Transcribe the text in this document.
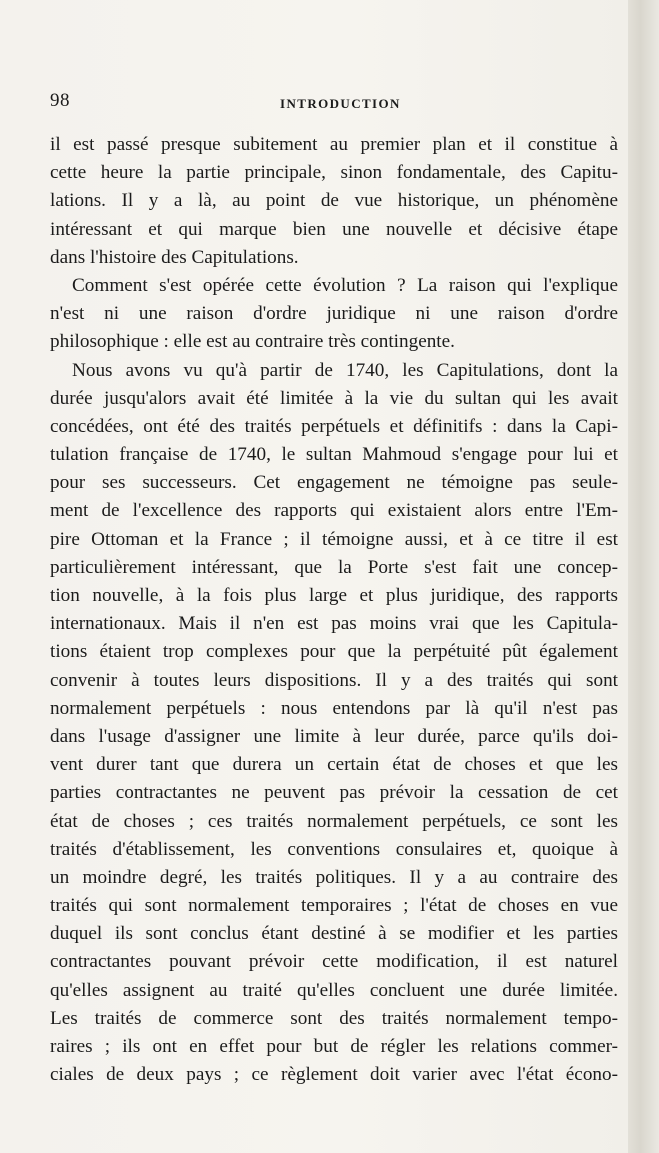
98	INTRODUCTION
il est passé presque subitement au premier plan et il constitue à
cette heure la partie principale, sinon fondamentale, des Capitu-
lations. Il y a là, au point de vue historique, un phénomène
intéressant et qui marque bien une nouvelle et décisive étape
dans l'histoire des Capitulations.
Comment s'est opérée cette évolution ? La raison qui l'explique
n'est ni une raison d'ordre juridique ni une raison d'ordre
philosophique : elle est au contraire très contingente.
Nous avons vu qu'à partir de 1740, les Capitulations, dont la
durée jusqu'alors avait été limitée à la vie du sultan qui les avait
concédées, ont été des traités perpétuels et définitifs : dans la Capi-
tulation française de 1740, le sultan Mahmoud s'engage pour lui et
pour ses successeurs. Cet engagement ne témoigne pas seule-
ment de l'excellence des rapports qui existaient alors entre l'Em-
pire Ottoman et la France ; il témoigne aussi, et à ce titre il est
particulièrement intéressant, que la Porte s'est fait une concep-
tion nouvelle, à la fois plus large et plus juridique, des rapports
internationaux. Mais il n'en est pas moins vrai que les Capitula-
tions étaient trop complexes pour que la perpétuité pût également
convenir à toutes leurs dispositions. Il y a des traités qui sont
normalement perpétuels : nous entendons par là qu'il n'est pas
dans l'usage d'assigner une limite à leur durée, parce qu'ils doi-
vent durer tant que durera un certain état de choses et que les
parties contractantes ne peuvent pas prévoir la cessation de cet
état de choses ; ces traités normalement perpétuels, ce sont les
traités d'établissement, les conventions consulaires et, quoique à
un moindre degré, les traités politiques. Il y a au contraire des
traités qui sont normalement temporaires ; l'état de choses en vue
duquel ils sont conclus étant destiné à se modifier et les parties
contractantes pouvant prévoir cette modification, il est naturel
qu'elles assignent au traité qu'elles concluent une durée limitée.
Les traités de commerce sont des traités normalement tempo-
raires ; ils ont en effet pour but de régler les relations commer-
ciales de deux pays ; ce règlement doit varier avec l'état écono-
